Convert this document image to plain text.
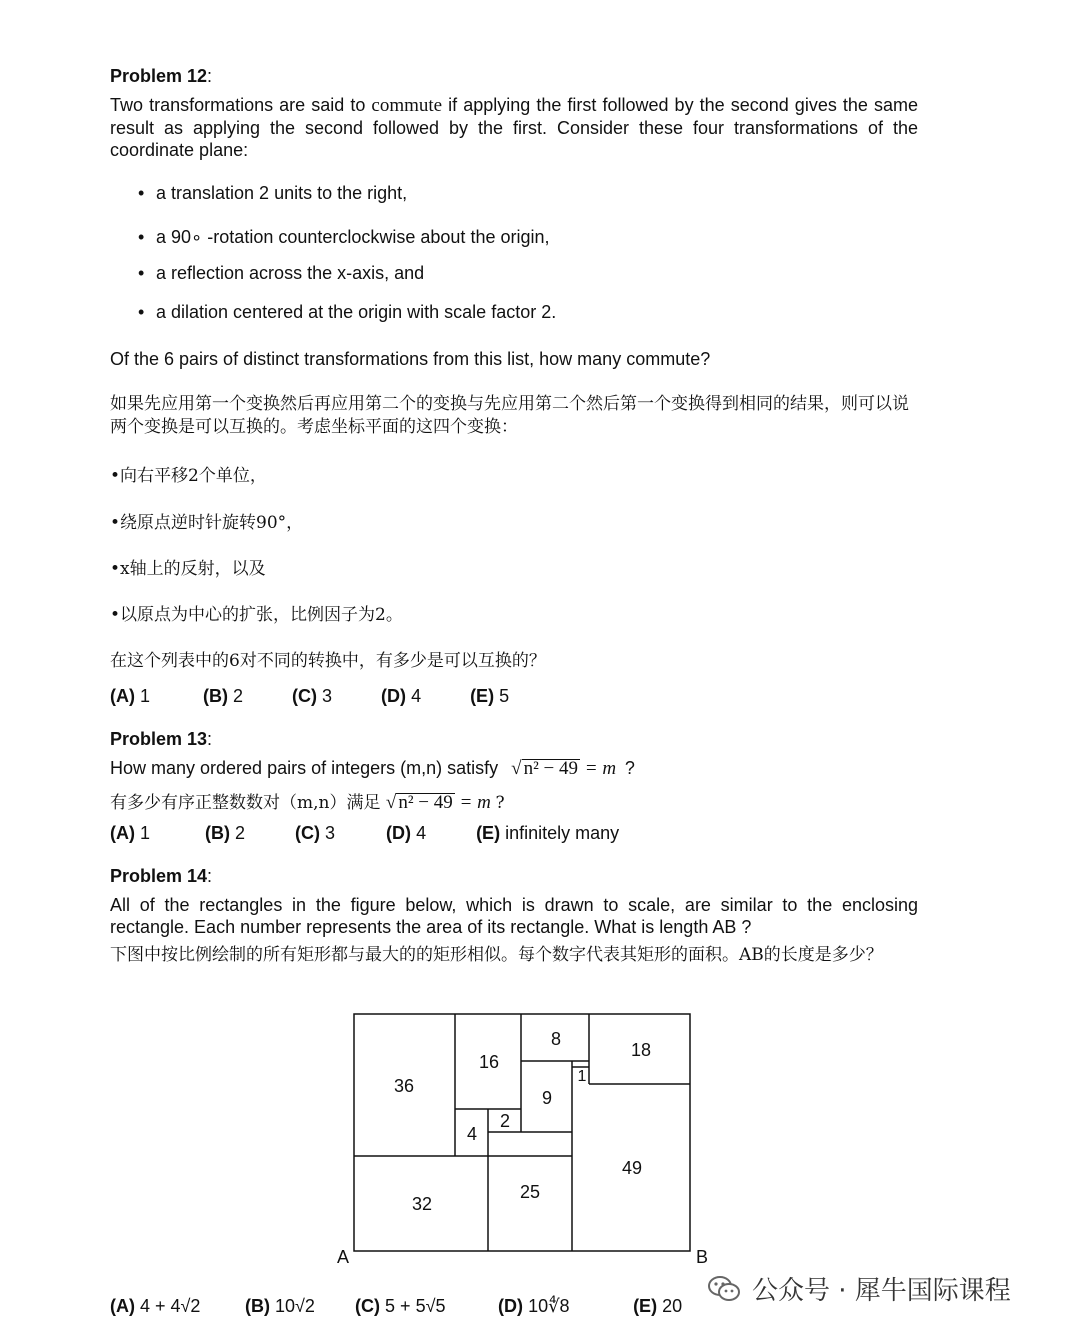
Problem 12:
Two transformations are said to commute if applying the first followed by the second gives the same result as applying the second followed by the first. Consider these four transformations of the coordinate plane:
• a translation 2 units to the right,
• a 90∘ -rotation counterclockwise about the origin,
• a reflection across the x-axis, and
• a dilation centered at the origin with scale factor 2.
Of the 6 pairs of distinct transformations from this list, how many commute?
如果先应用第一个变换然后再应用第二个的变换与先应用第二个然后第一个变换得到相同的结果，则可以说两个变换是可以互换的。考虑坐标平面的这四个变换：
•向右平移2个单位，
•绕原点逆时针旋转90°，
•x轴上的反射，以及
•以原点为中心的扩张，比例因子为2。
在这个列表中的6对不同的转换中，有多少是可以互换的？
(A) 1	(B) 2	(C) 3	(D) 4	(E) 5
Problem 13:
How many ordered pairs of integers (m,n) satisfy √ n² − 49 = m ?
有多少有序正整数数对（m,n）满足 √ n² − 49 = m ?
(A) 1	(B) 2	(C) 3	(D) 4	(E) infinitely many
Problem 14:
All of the rectangles in the figure below, which is drawn to scale, are similar to the enclosing rectangle. Each number represents the area of its rectangle. What is length AB ?
下图中按比例绘制的所有矩形都与最大的的矩形相似。每个数字代表其矩形的面积。AB的长度是多少？
36
16
8
18
1
9
2
4
49
25
32
A	B
(A) 4 + 4√2 (B) 10√2 (C) 5 + 5√5	(D) 10∜8	(E) 20	公众号 · 犀牛国际课程
